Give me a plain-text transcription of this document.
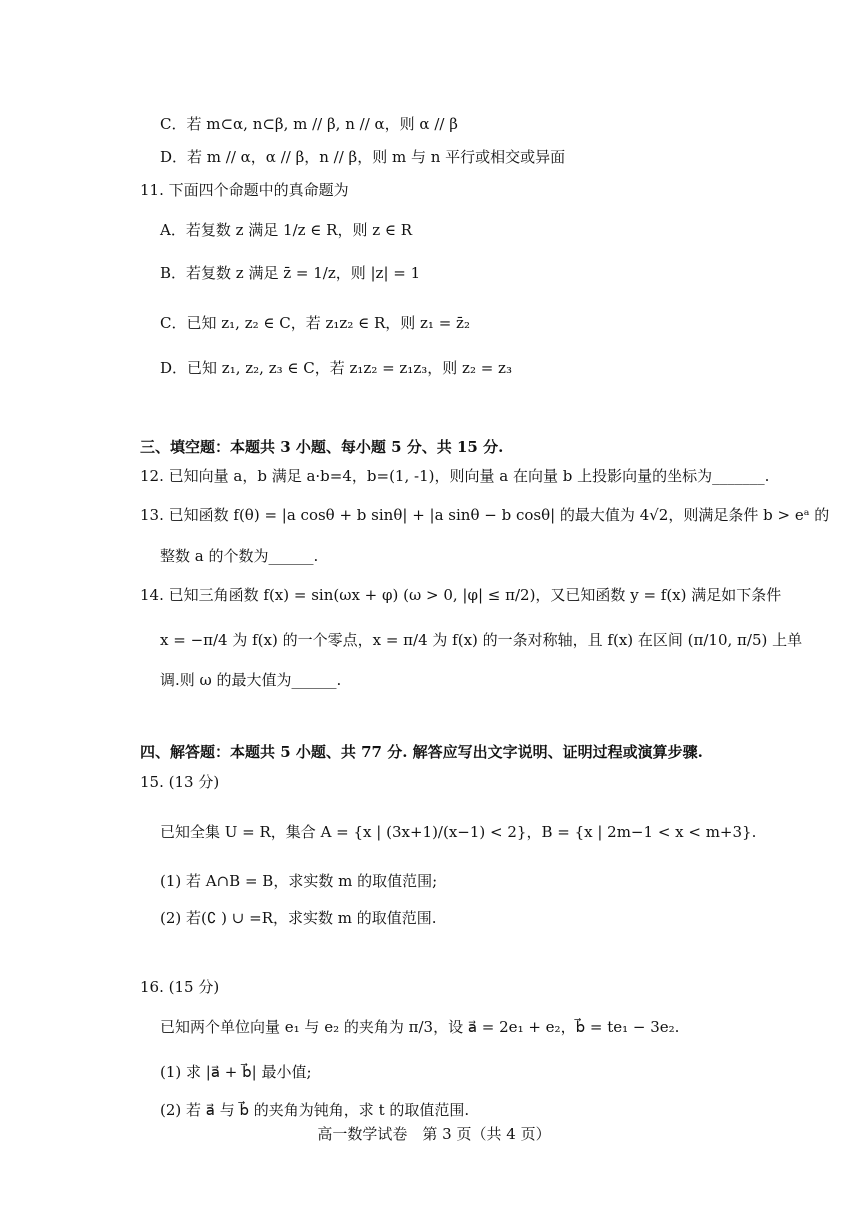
C．若 m⊂α, n⊂β, m // β, n // α，则 α // β
D．若 m // α，α // β，n // β，则 m 与 n 平行或相交或异面
11. 下面四个命题中的真命题为
A．若复数 z 满足 1/z ∈ R，则 z ∈ R
B．若复数 z 满足 z̄ = 1/z，则 |z| = 1
C．已知 z₁, z₂ ∈ C，若 z₁z₂ ∈ R，则 z₁ = z̄₂
D．已知 z₁, z₂, z₃ ∈ C，若 z₁z₂ = z₁z₃，则 z₂ = z₃
三、填空题：本题共 3 小题、每小题 5 分、共 15 分.
12. 已知向量 a，b 满足 a·b=4，b=(1, -1)，则向量 a 在向量 b 上投影向量的坐标为_______.
13. 已知函数 f(θ) = |a cosθ + b sinθ| + |a sinθ − b cosθ| 的最大值为 4√2，则满足条件 b > eᵃ 的
整数 a 的个数为______.
14. 已知三角函数 f(x) = sin(ωx + φ) (ω > 0, |φ| ≤ π/2)，又已知函数 y = f(x) 满足如下条件
x = −π/4 为 f(x) 的一个零点，x = π/4 为 f(x) 的一条对称轴，且 f(x) 在区间 (π/10, π/5) 上单
调.则 ω 的最大值为______.
四、解答题：本题共 5 小题、共 77 分. 解答应写出文字说明、证明过程或演算步骤.
15. (13 分)
已知全集 U = R，集合 A = {x | (3x+1)/(x−1) < 2}，B = {x | 2m−1 < x < m+3}.
(1) 若 A∩B = B，求实数 m 的取值范围;
(2) 若(∁ ) ∪ =R，求实数 m 的取值范围.
16. (15 分)
已知两个单位向量 e₁ 与 e₂ 的夹角为 π/3，设 a⃗ = 2e₁ + e₂，b⃗ = te₁ − 3e₂.
(1) 求 |a⃗ + b⃗| 最小值;
(2) 若 a⃗ 与 b⃗ 的夹角为钝角，求 t 的取值范围.
高一数学试卷　第 3 页（共 4 页）
